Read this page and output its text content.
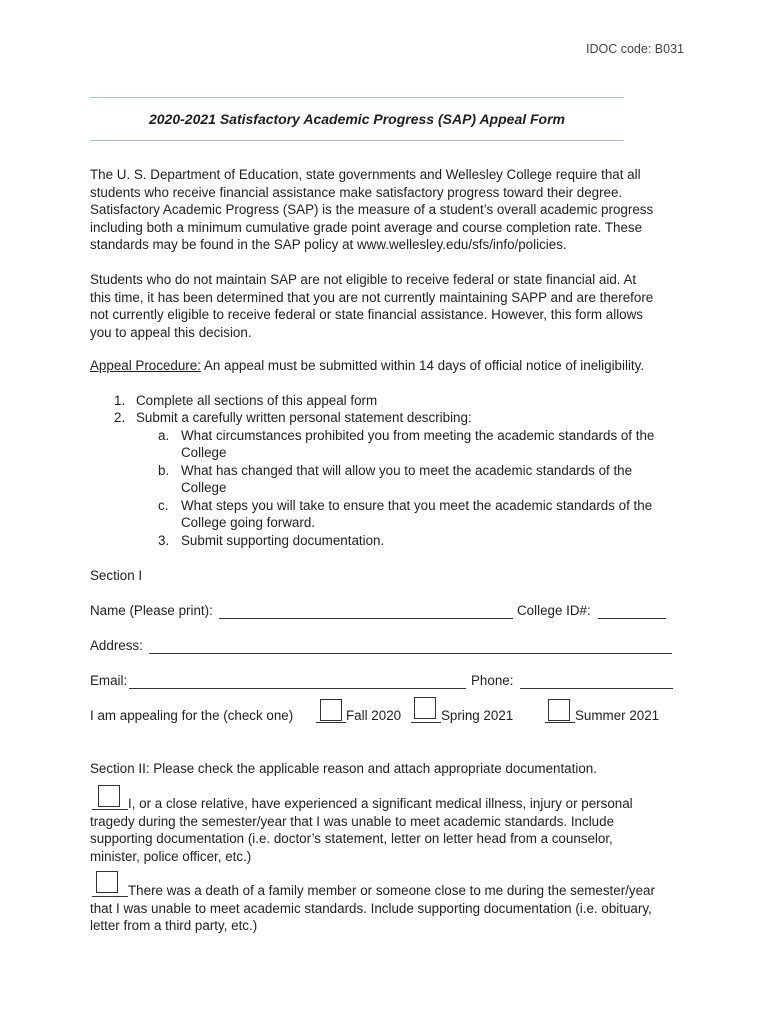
IDOC code: B031
2020-2021 Satisfactory Academic Progress (SAP) Appeal Form
The U. S. Department of Education, state governments and Wellesley College require that all
students who receive financial assistance make satisfactory progress toward their degree.
Satisfactory Academic Progress (SAP) is the measure of a student’s overall academic progress
including both a minimum cumulative grade point average and course completion rate. These
standards may be found in the SAP policy at www.wellesley.edu/sfs/info/policies.
Students who do not maintain SAP are not eligible to receive federal or state financial aid. At
this time, it has been determined that you are not currently maintaining SAPP and are therefore
not currently eligible to receive federal or state financial assistance. However, this form allows
you to appeal this decision.
Appeal Procedure: An appeal must be submitted within 14 days of official notice of ineligibility.
1. Complete all sections of this appeal form
2. Submit a carefully written personal statement describing:
a. What circumstances prohibited you from meeting the academic standards of the
College
b. What has changed that will allow you to meet the academic standards of the
College
c. What steps you will take to ensure that you meet the academic standards of the
College going forward.
3. Submit supporting documentation.
Section I
Name (Please print):	College ID#:
Address:
Email:	Phone:
I am appealing for the (check one)	Fall 2020	Spring 2021	Summer 2021
Section II: Please check the applicable reason and attach appropriate documentation.
I, or a close relative, have experienced a significant medical illness, injury or personal
tragedy during the semester/year that I was unable to meet academic standards. Include
supporting documentation (i.e. doctor’s statement, letter on letter head from a counselor,
minister, police officer, etc.)
There was a death of a family member or someone close to me during the semester/year
that I was unable to meet academic standards. Include supporting documentation (i.e. obituary,
letter from a third party, etc.)
